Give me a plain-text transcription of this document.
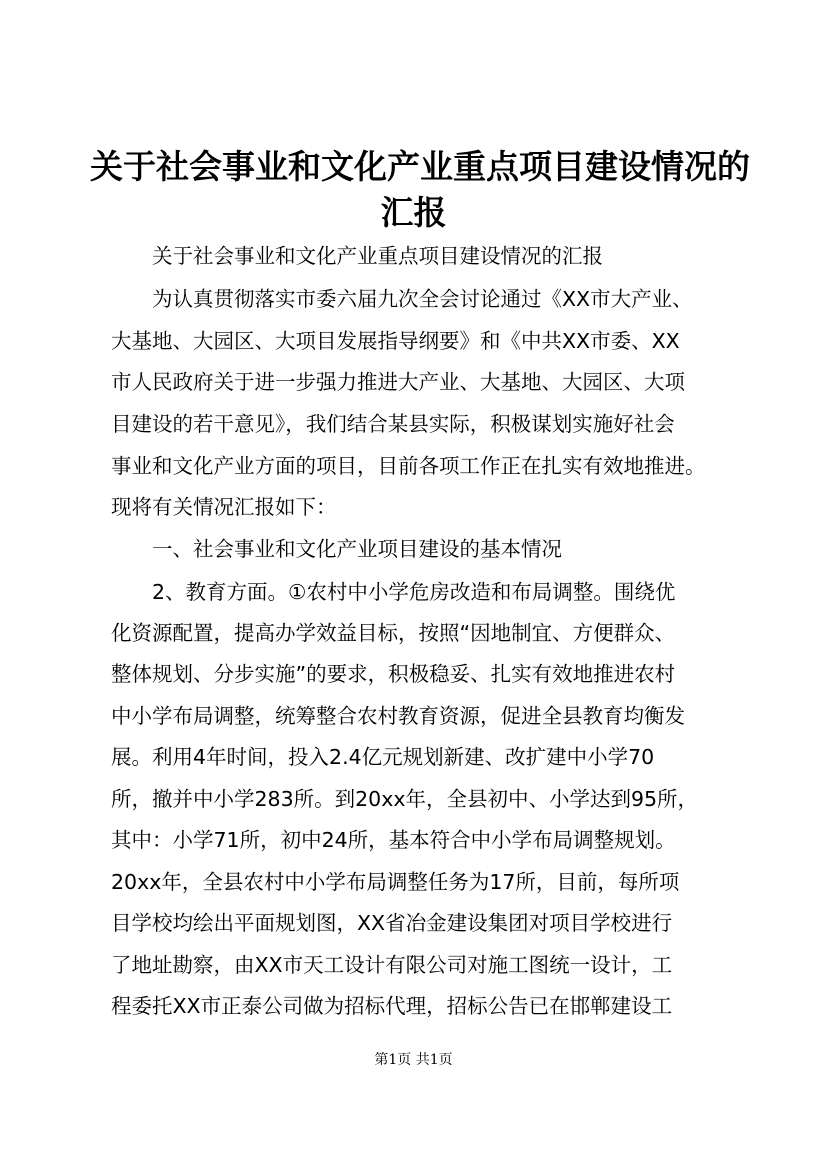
关于社会事业和文化产业重点项目建设情况的
汇报

关于社会事业和文化产业重点项目建设情况的汇报

为认真贯彻落实市委六届九次全会讨论通过《XX市大产业、

大基地、大园区、大项目发展指导纲要》和《中共XX市委、XX

市人民政府关于进一步强力推进大产业、大基地、大园区、大项

目建设的若干意见》，我们结合某县实际，积极谋划实施好社会

事业和文化产业方面的项目，目前各项工作正在扎实有效地推进。

现将有关情况汇报如下：

一、社会事业和文化产业项目建设的基本情况

2、教育方面。①农村中小学危房改造和布局调整。围绕优

化资源配置，提高办学效益目标，按照“因地制宜、方便群众、

整体规划、分步实施”的要求，积极稳妥、扎实有效地推进农村

中小学布局调整，统筹整合农村教育资源，促进全县教育均衡发

展。利用4年时间，投入2.4亿元规划新建、改扩建中小学70

所，撤并中小学283所。到20xx年，全县初中、小学达到95所，

其中：小学71所，初中24所，基本符合中小学布局调整规划。

20xx年，全县农村中小学布局调整任务为17所，目前，每所项

目学校均绘出平面规划图，XX省冶金建设集团对项目学校进行

了地址勘察，由XX市天工设计有限公司对施工图统一设计，工

程委托XX市正泰公司做为招标代理，招标公告已在邯郸建设工

第1页 共1页
